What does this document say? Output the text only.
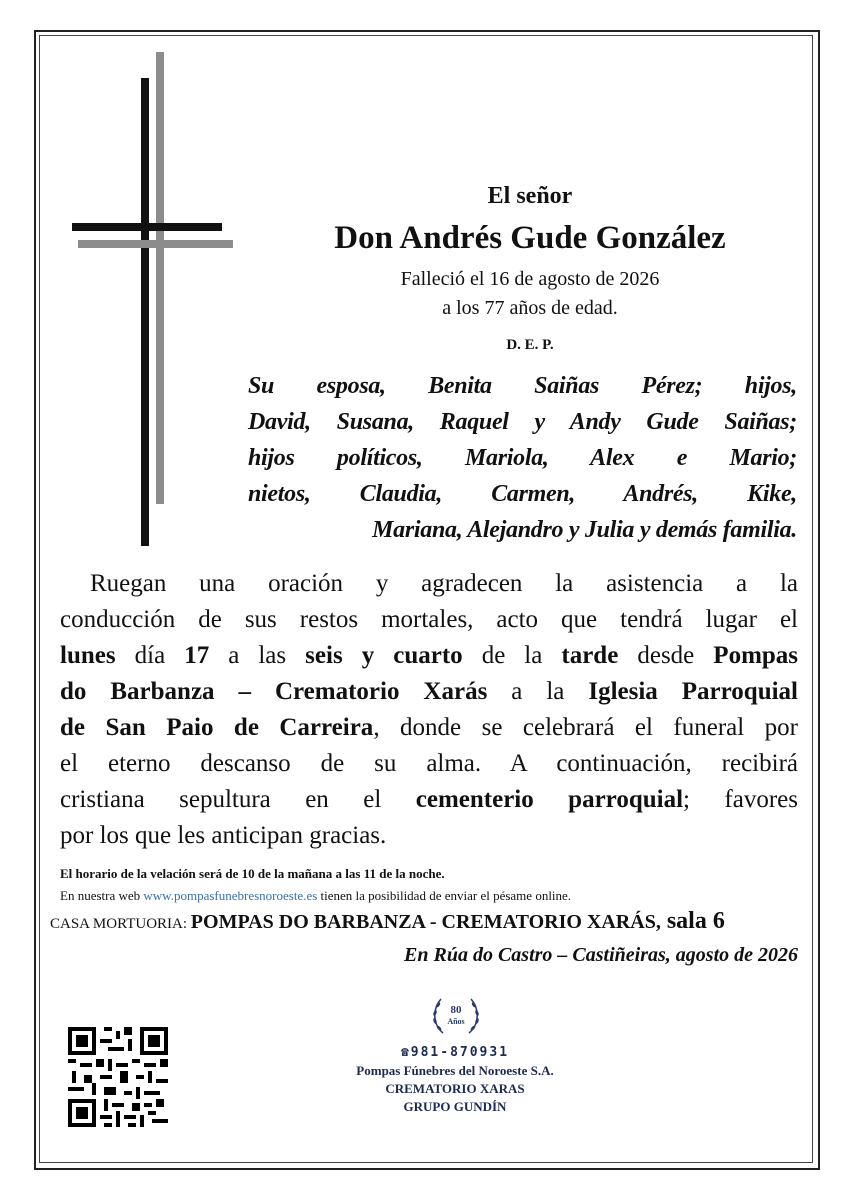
El señor
Don Andrés Gude González
Falleció el 16 de agosto de 2026
a los 77 años de edad.
D. E. P.
Su esposa, Benita Saiñas Pérez; hijos,
David, Susana, Raquel y Andy Gude Saiñas;
hijos políticos, Mariola, Alex e Mario;
nietos, Claudia, Carmen, Andrés, Kike,
Mariana, Alejandro y Julia y demás familia.
Ruegan una oración y agradecen la asistencia a la
conducción de sus restos mortales, acto que tendrá lugar el
lunes día 17 a las seis y cuarto de la tarde desde Pompas
do Barbanza – Crematorio Xarás a la Iglesia Parroquial
de San Paio de Carreira, donde se celebrará el funeral por
el eterno descanso de su alma. A continuación, recibirá
cristiana sepultura en el cementerio parroquial; favores
por los que les anticipan gracias.
El horario de la velación será de 10 de la mañana a las 11 de la noche.
En nuestra web www.pompasfunebresnoroeste.es tienen la posibilidad de enviar el pésame online.
CASA MORTUORIA: POMPAS DO BARBANZA - CREMATORIO XARÁS, sala 6
En Rúa do Castro – Castiñeiras, agosto de 2026
80
Años
☎981-870931
Pompas Fúnebres del Noroeste S.A.
CREMATORIO XARAS
GRUPO GUNDÍN
